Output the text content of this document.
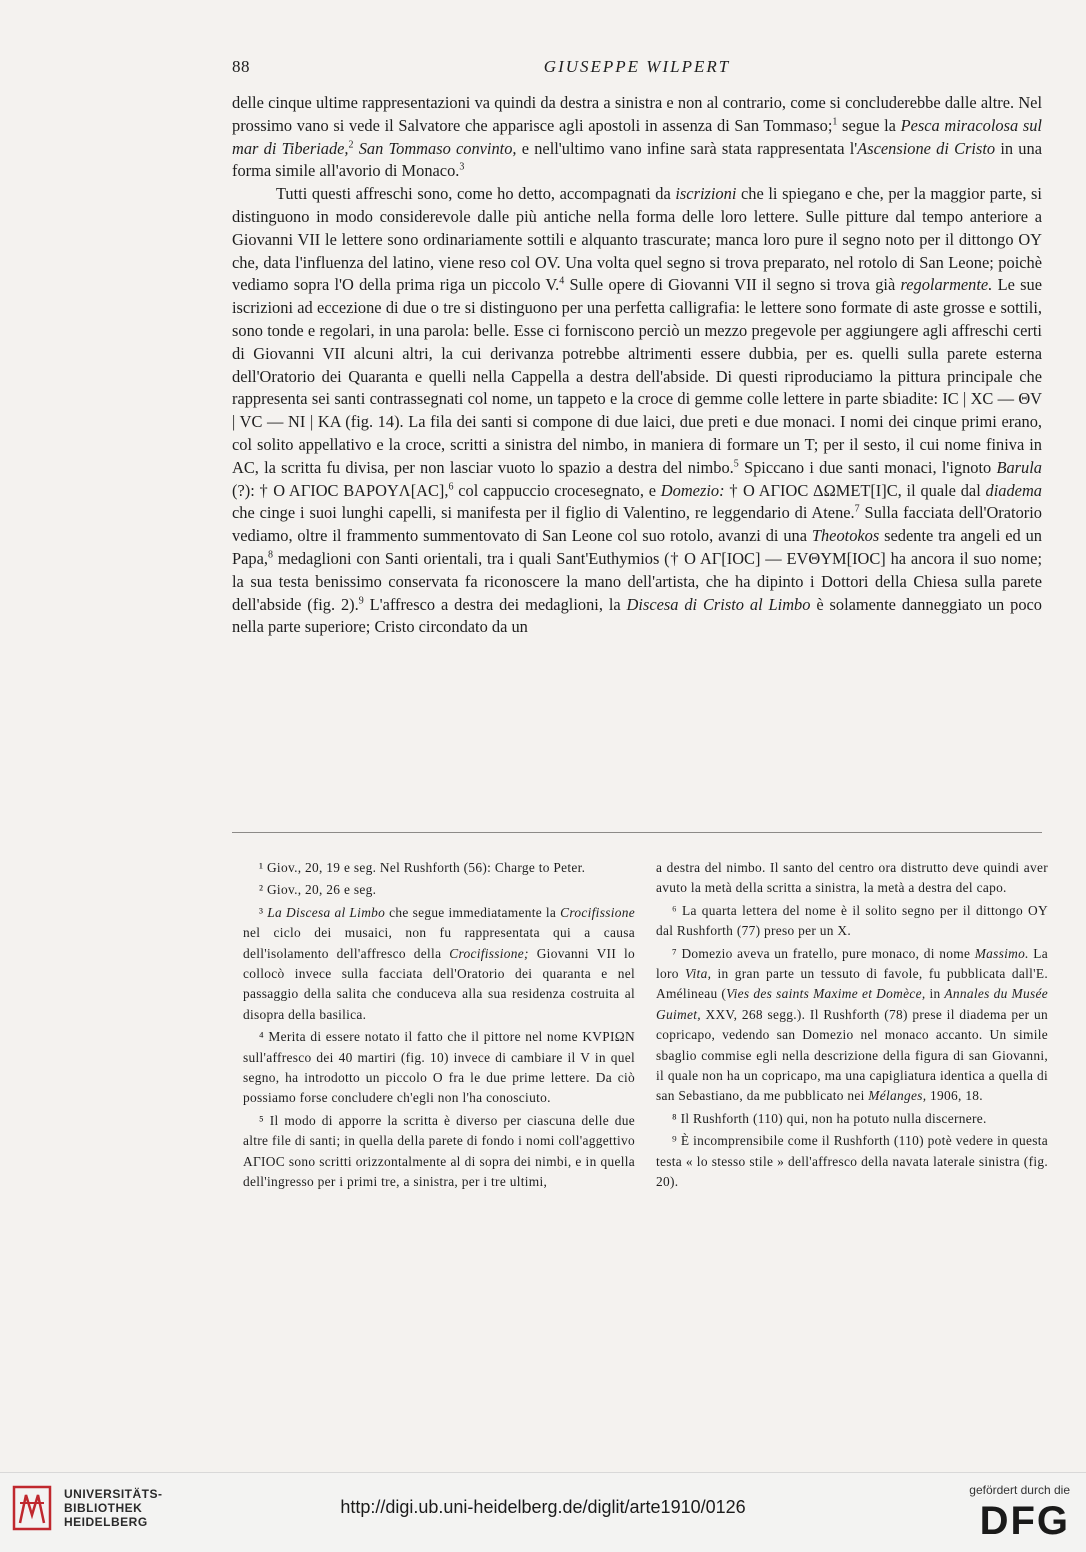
88	GIUSEPPE WILPERT

delle cinque ultime rappresentazioni va quindi da destra a sinistra e non al contrario, come si concluderebbe dalle altre. Nel prossimo vano si vede il Salvatore che apparisce agli apostoli in assenza di San Tommaso;$^1$ segue la Pesca miracolosa sul mar di Tiberiade,$^2$ San Tommaso convinto, e nell'ultimo vano infine sarà stata rappresentata l'Ascensione di Cristo in una forma simile all'avorio di Monaco.$^3$

Tutti questi affreschi sono, come ho detto, accompagnati da iscrizioni che li spiegano e che, per la maggior parte, si distinguono in modo considerevole dalle più antiche nella forma delle loro lettere. Sulle pitture dal tempo anteriore a Giovanni VII le lettere sono ordinariamente sottili e alquanto trascurate; manca loro pure il segno noto per il dittongo OY che, data l'influenza del latino, viene reso col OV. Una volta quel segno si trova preparato, nel rotolo di San Leone; poichè vediamo sopra l'O della prima riga un piccolo V.$^4$ Sulle opere di Giovanni VII il segno si trova già regolarmente. Le sue iscrizioni ad eccezione di due o tre si distinguono per una perfetta calligrafia: le lettere sono formate di aste grosse e sottili, sono tonde e regolari, in una parola: belle. Esse ci forniscono perciò un mezzo pregevole per aggiungere agli affreschi certi di Giovanni VII alcuni altri, la cui derivanza potrebbe altrimenti essere dubbia, per es. quelli sulla parete esterna dell'Oratorio dei Quaranta e quelli nella Cappella a destra dell'abside. Di questi riproduciamo la pittura principale che rappresenta sei santi contrassegnati col nome, un tappeto e la croce di gemme colle lettere in parte sbiadite: IC | XC — ΘV | VC — NI | KA (fig. 14). La fila dei santi si compone di due laici, due preti e due monaci. I nomi dei cinque primi erano, col solito appellativo e la croce, scritti a sinistra del nimbo, in maniera di formare un T; per il sesto, il cui nome finiva in AC, la scritta fu divisa, per non lasciar vuoto lo spazio a destra del nimbo.$^5$ Spiccano i due santi monaci, l'ignoto Barula (?): † O AΓIOC BAPOYΛ[AC],$^6$ col cappuccio crocesegnato, e Domezio: † O AΓIOC ΔΩMET[I]C, il quale dal diadema che cinge i suoi lunghi capelli, si manifesta per il figlio di Valentino, re leggendario di Atene.$^7$ Sulla facciata dell'Oratorio vediamo, oltre il frammento summentovato di San Leone col suo rotolo, avanzi di una Theotokos sedente tra angeli ed un Papa,$^8$ medaglioni con Santi orientali, tra i quali Sant'Euthymios († O AΓ[IOC] — EVΘYM[IOC] ha ancora il suo nome; la sua testa benissimo conservata fa riconoscere la mano dell'artista, che ha dipinto i Dottori della Chiesa sulla parete dell'abside (fig. 2).$^9$ L'affresco a destra dei medaglioni, la Discesa di Cristo al Limbo è solamente danneggiato un poco nella parte superiore; Cristo circondato da un

¹ Giov., 20, 19 e seg. Nel Rushforth (56): Charge to Peter.

² Giov., 20, 26 e seg.

³ La Discesa al Limbo che segue immediatamente la Crocifissione nel ciclo dei musaici, non fu rappresentata qui a causa dell'isolamento dell'affresco della Crocifissione; Giovanni VII lo collocò invece sulla facciata dell'Oratorio dei quaranta e nel passaggio della salita che conduceva alla sua residenza costruita al disopra della basilica.

⁴ Merita di essere notato il fatto che il pittore nel nome KVPIΩN sull'affresco dei 40 martiri (fig. 10) invece di cambiare il V in quel segno, ha introdotto un piccolo O fra le due prime lettere. Da ciò possiamo forse concludere ch'egli non l'ha conosciuto.

⁵ Il modo di apporre la scritta è diverso per ciascuna delle due altre file di santi; in quella della parete di fondo i nomi coll'aggettivo AΓIOC sono scritti orizzontalmente al di sopra dei nimbi, e in quella dell'ingresso per i primi tre, a sinistra, per i tre ultimi,

a destra del nimbo. Il santo del centro ora distrutto deve quindi aver avuto la metà della scritta a sinistra, la metà a destra del capo.

⁶ La quarta lettera del nome è il solito segno per il dittongo OY dal Rushforth (77) preso per un X.

⁷ Domezio aveva un fratello, pure monaco, di nome Massimo. La loro Vita, in gran parte un tessuto di favole, fu pubblicata dall'E. Amélineau (Vies des saints Maxime et Domèce, in Annales du Musée Guimet, XXV, 268 segg.). Il Rushforth (78) prese il diadema per un copricapo, vedendo san Domezio nel monaco accanto. Un simile sbaglio commise egli nella descrizione della figura di san Giovanni, il quale non ha un copricapo, ma una capigliatura identica a quella di san Sebastiano, da me pubblicato nei Mélanges, 1906, 18.

⁸ Il Rushforth (110) qui, non ha potuto nulla discernere.

⁹ È incomprensibile come il Rushforth (110) potè vedere in questa testa « lo stesso stile » dell'affresco della navata laterale sinistra (fig. 20).

UNIVERSITÄTS-
BIBLIOTHEK
HEIDELBERG
http://digi.ub.uni-heidelberg.de/diglit/arte1910/0126
gefördert durch die
DFG
